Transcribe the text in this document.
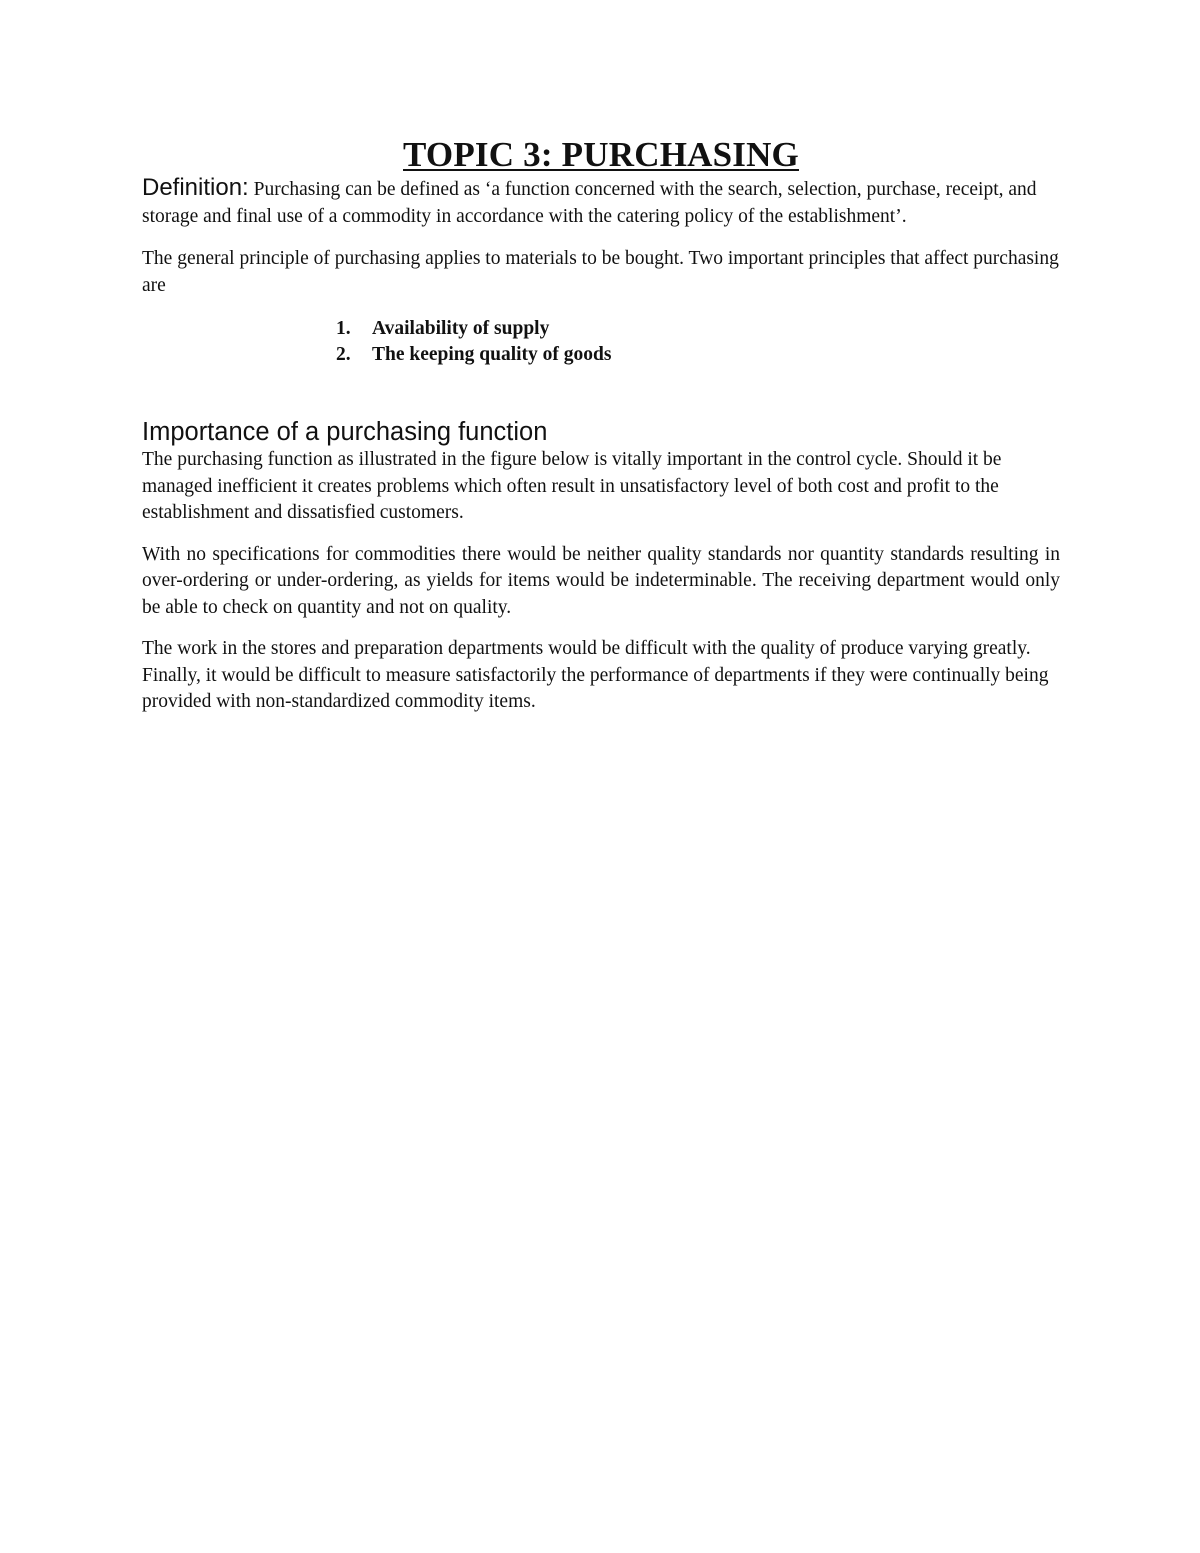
TOPIC 3: PURCHASING

Definition: Purchasing can be defined as ‘a function concerned with the search, selection, purchase, receipt, and storage and final use of a commodity in accordance with the catering policy of the establishment’.

The general principle of purchasing applies to materials to be bought. Two important principles that affect purchasing are

1.	Availability of supply
2.	The keeping quality of goods
Importance of a purchasing function

The purchasing function as illustrated in the figure below is vitally important in the control cycle. Should it be managed inefficient it creates problems which often result in unsatisfactory level of both cost and profit to the establishment and dissatisfied customers.

With no specifications for commodities there would be neither quality standards nor quantity standards resulting in over-ordering or under-ordering, as yields for items would be indeterminable. The receiving department would only be able to check on quantity and not on quality.

The work in the stores and preparation departments would be difficult with the quality of produce varying greatly. Finally, it would be difficult to measure satisfactorily the performance of departments if they were continually being provided with non-standardized commodity items.
